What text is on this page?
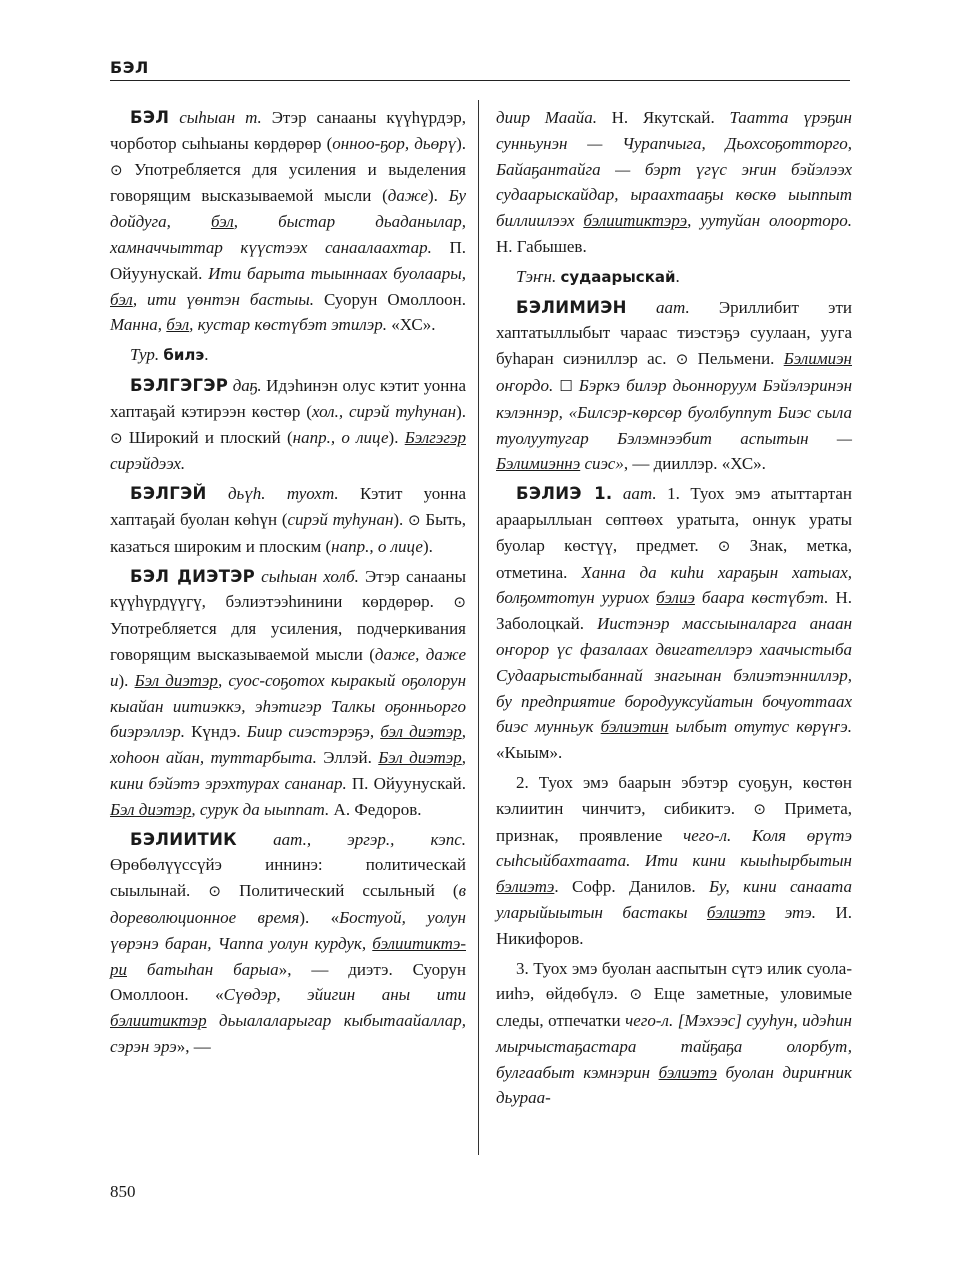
БЭЛ

БЭЛ сыһыан т. Этэр санааны күүһүрдэр, чорботор сыһыаны көрдөрөр (онноо-ҕор, дьөрү). ⊙ Употребляется для усиления и выделения говорящим высказываемой мысли (даже). Бу дойдуга, бэл, быстар дьаданылар, хамначчыттар күүстээх санаалаахтар. П. Ойуунускай. Ити барыта тыыннаах буолаары, бэл, ити үөнтэн бастыы. Суорун Омоллоон. Манна, бэл, кустар көстүбэт этилэр. «ХС».

Тур. билэ.

БЭЛГЭГЭР даҕ. Идэһинэн олус кэтит уонна хаптаҕай кэтирээн көстөр (хол., сирэй туһунан). ⊙ Широкий и плоский (напр., о лице). Бэлгэгэр сирэйдээх.

БЭЛГЭЙ дьүһ. туохт. Кэтит уонна хаптаҕай буолан көһүн (сирэй туһунан). ⊙ Быть, казаться широким и плоским (напр., о лице).

БЭЛ ДИЭТЭР сыһыан холб. Этэр санааны күүһүрдүүгү, бэлиэтээһинини көрдөрөр. ⊙ Употребляется для усиления, подчеркивания говорящим высказываемой мысли (даже, даже и). Бэл диэтэр, суос-соҕотох кыракый оҕолорун кыайан иитиэккэ, эһэтигэр Талкы оҕонньорго биэрэллэр. Күндэ. Биир сиэстэрэҕэ, бэл диэтэр, хоһоон айан, туттарбыта. Эллэй. Бэл диэтэр, кини бэйэтэ эрэхтурах сананар. П. Ойуунускай. Бэл диэтэр, сурук да ыыппат. А. Федоров.

БЭЛИИТИК аат., эргэр., кэпс. Өрөбөлүүссүйэ иннинэ: политическай сыылынай. ⊙ Политический ссыльный (в дореволюционное время). «Бостуой, уолун үөрэнэ баран, Чаппа уолун курдук, бэлиитиктэ-ри батыһан барыа», — диэтэ. Суорун Омоллоон. «Сүөдэр, эйигин аны ити бэлиитиктэр дьыалаларыгар кыбытаайаллар, сэрэн эрэ», —

диир Маайа. Н. Якутскай. Таатта үрэҕин сунньунэн — Чурапчыга, Дьохсоҕотторго, Байаҕантайга — бэрт үгүс эҥин бэйэлээх судаарыскайдар, ыраахтааҕы көскө ыыппыт биллиилээх бэлиитиктэрэ, уутуйан олоорторо. Н. Габышев.

Тэҥн. судаарыскай.

БЭЛИМИЭН аат. Эриллибит эти хаптатыллыбыт чараас тиэстэҕэ суулаан, ууга буһаран сиэниллэр ас. ⊙ Пельмени. Бэлимиэн оҥордо. ☐ Бэркэ билэр дьонноруум Бэйэлэринэн кэлэннэр, «Билсэр-көрсөр буолбуппут Биэс сыла туолуутугар Бэлэмнээбит аспытын — Бэлимиэннэ сиэс», — дииллэр. «ХС».

БЭЛИЭ 1. аат. 1. Туох эмэ атыттартан араарыллыан сөптөөх уратыта, оннук ураты буолар көстүү, предмет. ⊙ Знак, метка, отметина. Ханна да киһи хараҕын хатыах, болҕомтотун уурuох бэлиэ баара көстүбэт. Н. Заболоцкай. Иистэнэр массыыналарга анаан оҥорор үс фазалаах двигателлэрэ хаачыстыба Судаарыстыбаннай знагынан бэлиэтэнниллэр, бу предприятие бородууксуйатын бочуоттаах биэс мунньук бэлиэтин ылбыт отутус көрүҥэ. «Кыым».

2. Туох эмэ баарын эбэтэр суоҕун, көстөн кэлиитин чинчитэ, сибикитэ. ⊙ Примета, признак, проявление чего-л. Коля өрүтэ сыһсыйбахтаата. Ити кини кыыһырбытын бэлиэтэ. Софр. Данилов. Бу, кини санаата уларыйыытын бастакы бэлиэтэ этэ. И. Никифоров.

3. Туох эмэ буолан ааспытын сүтэ илик суола-ииһэ, өйдөбүлэ. ⊙ Еще заметные, уловимые следы, отпечатки чего-л. [Мэхээс] сууһун, идэһин мырчыстаҕастара тайҕаҕа олорбут, булгаабыт кэмнэрин бэлиэтэ буолан дириҥник дьураа-

850
